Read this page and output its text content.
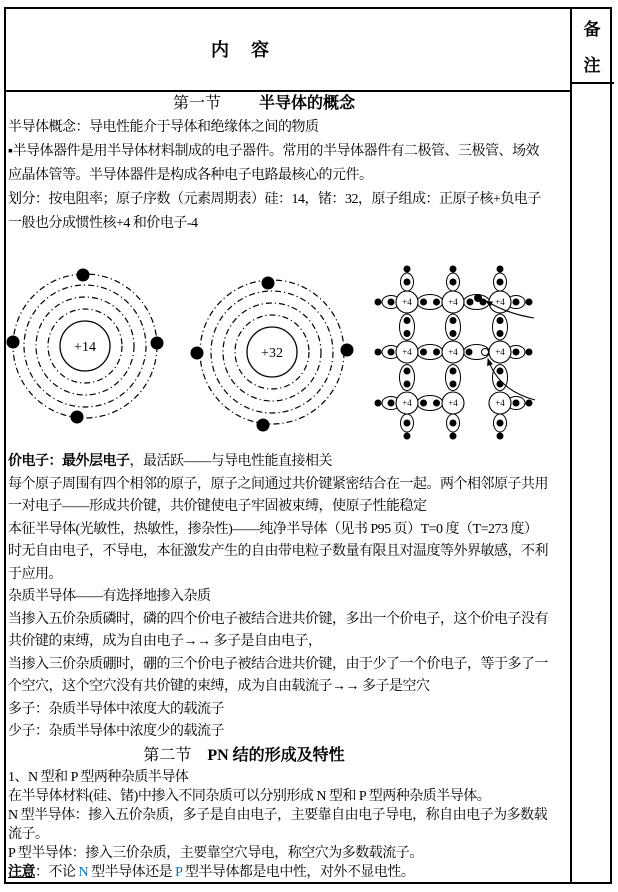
内　容
备
注
第一节 半导体的概念
半导体概念：导电性能介于导体和绝缘体之间的物质
▪半导体器件是用半导体材料制成的电子器件。常用的半导体器件有二极管、三极管、场效
应晶体管等。半导体器件是构成各种电子电路最核心的元件。
划分：按电阻率；原子序数（元素周期表）硅：14，锗：32，原子组成：正原子核+负电子
一般也分成惯性核+4 和价电子-4
+14	+32
+4	+4	+4
+4	+4	+4
+4	+4	+4
价电子：最外层电子，最活跃——与导电性能直接相关
每个原子周围有四个相邻的原子，原子之间通过共价键紧密结合在一起。两个相邻原子共用
一对电子——形成共价键，共价键使电子牢固被束缚，使原子性能稳定
本征半导体(光敏性，热敏性，掺杂性)——纯净半导体（见书 P95 页）T=0 度（T=273 度）
时无自由电子，不导电，本征激发产生的自由带电粒子数量有限且对温度等外界敏感，不利
于应用。
杂质半导体——有选择地掺入杂质
当掺入五价杂质磷时，磷的四个价电子被结合进共价键，多出一个价电子，这个价电子没有
共价键的束缚，成为自由电子→→ 多子是自由电子，
当掺入三价杂质硼时，硼的三个价电子被结合进共价键，由于少了一个价电子，等于多了一
个空穴，这个空穴没有共价键的束缚，成为自由载流子→→ 多子是空穴
多子：杂质半导体中浓度大的载流子
少子：杂质半导体中浓度少的载流子
第二节 PN 结的形成及特性
1、N 型和 P 型两种杂质半导体
在半导体材料(硅、锗)中掺入不同杂质可以分别形成 N 型和 P 型两种杂质半导体。
N 型半导体：掺入五价杂质，多子是自由电子，主要靠自由电子导电，称自由电子为多数载
流子。
P 型半导体：掺入三价杂质，主要靠空穴导电，称空穴为多数载流子。
注意：不论 N 型半导体还是 P 型半导体都是电中性，对外不显电性。
